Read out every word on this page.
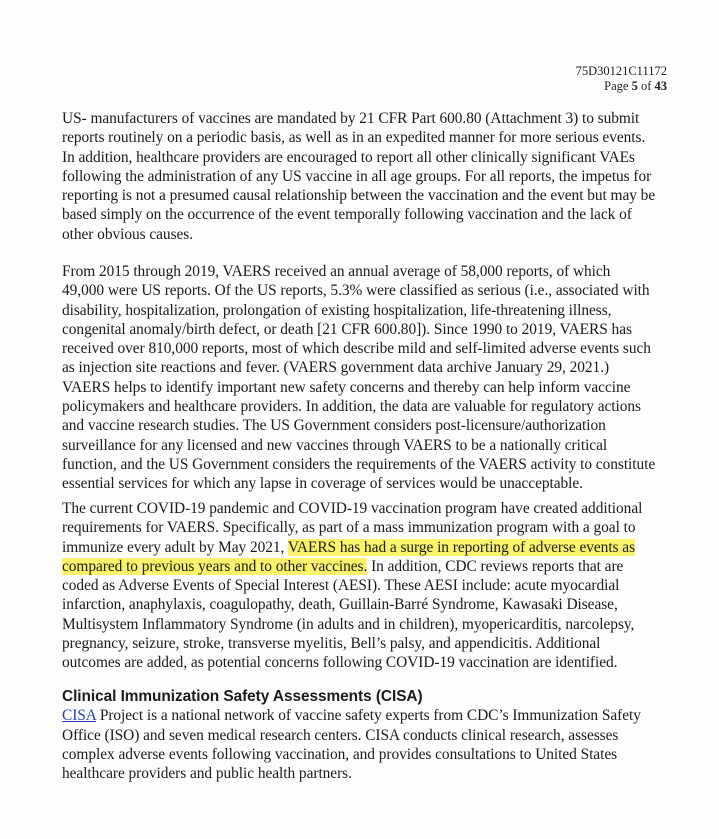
75D30121C11172
Page 5 of 43
US- manufacturers of vaccines are mandated by 21 CFR Part 600.80 (Attachment 3) to submit
reports routinely on a periodic basis, as well as in an expedited manner for more serious events.
In addition, healthcare providers are encouraged to report all other clinically significant VAEs
following the administration of any US vaccine in all age groups. For all reports, the impetus for
reporting is not a presumed causal relationship between the vaccination and the event but may be
based simply on the occurrence of the event temporally following vaccination and the lack of
other obvious causes.
From 2015 through 2019, VAERS received an annual average of 58,000 reports, of which
49,000 were US reports. Of the US reports, 5.3% were classified as serious (i.e., associated with
disability, hospitalization, prolongation of existing hospitalization, life-threatening illness,
congenital anomaly/birth defect, or death [21 CFR 600.80]). Since 1990 to 2019, VAERS has
received over 810,000 reports, most of which describe mild and self-limited adverse events such
as injection site reactions and fever. (VAERS government data archive January 29, 2021.)
VAERS helps to identify important new safety concerns and thereby can help inform vaccine
policymakers and healthcare providers. In addition, the data are valuable for regulatory actions
and vaccine research studies. The US Government considers post-licensure/authorization
surveillance for any licensed and new vaccines through VAERS to be a nationally critical
function, and the US Government considers the requirements of the VAERS activity to constitute
essential services for which any lapse in coverage of services would be unacceptable.
The current COVID-19 pandemic and COVID-19 vaccination program have created additional
requirements for VAERS. Specifically, as part of a mass immunization program with a goal to
immunize every adult by May 2021, VAERS has had a surge in reporting of adverse events as
compared to previous years and to other vaccines. In addition, CDC reviews reports that are
coded as Adverse Events of Special Interest (AESI). These AESI include: acute myocardial
infarction, anaphylaxis, coagulopathy, death, Guillain-Barré Syndrome, Kawasaki Disease,
Multisystem Inflammatory Syndrome (in adults and in children), myopericarditis, narcolepsy,
pregnancy, seizure, stroke, transverse myelitis, Bell’s palsy, and appendicitis. Additional
outcomes are added, as potential concerns following COVID-19 vaccination are identified.
Clinical Immunization Safety Assessments (CISA)
CISA Project is a national network of vaccine safety experts from CDC’s Immunization Safety
Office (ISO) and seven medical research centers. CISA conducts clinical research, assesses
complex adverse events following vaccination, and provides consultations to United States
healthcare providers and public health partners.
